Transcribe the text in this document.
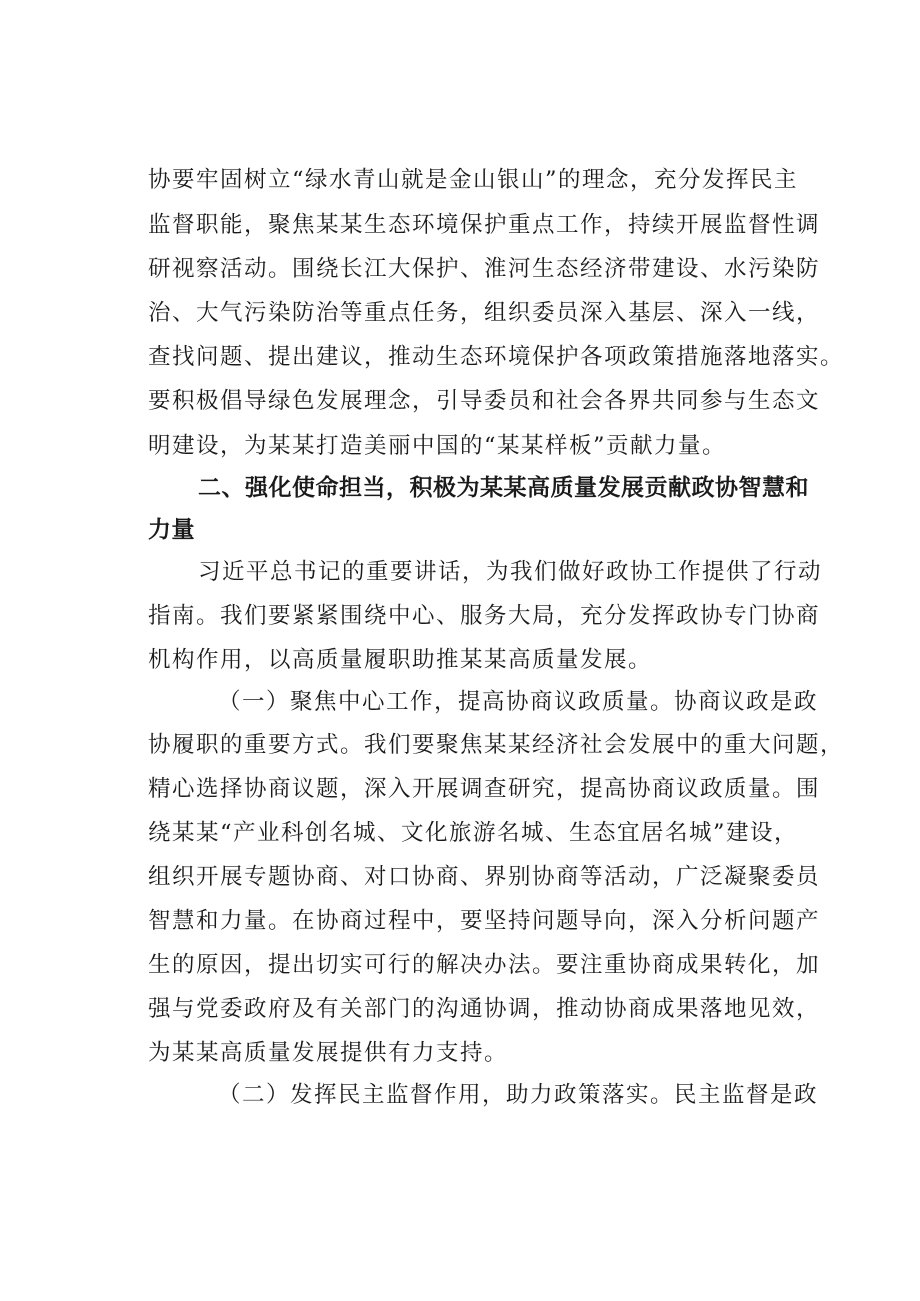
协要牢固树立“绿水青山就是金山银山”的理念，充分发挥民主
监督职能，聚焦某某生态环境保护重点工作，持续开展监督性调
研视察活动。围绕长江大保护、淮河生态经济带建设、水污染防
治、大气污染防治等重点任务，组织委员深入基层、深入一线，
查找问题、提出建议，推动生态环境保护各项政策措施落地落实。
要积极倡导绿色发展理念，引导委员和社会各界共同参与生态文
明建设，为某某打造美丽中国的“某某样板”贡献力量。
二、强化使命担当，积极为某某高质量发展贡献政协智慧和
力量
习近平总书记的重要讲话，为我们做好政协工作提供了行动
指南。我们要紧紧围绕中心、服务大局，充分发挥政协专门协商
机构作用，以高质量履职助推某某高质量发展。
（一）聚焦中心工作，提高协商议政质量。协商议政是政
协履职的重要方式。我们要聚焦某某经济社会发展中的重大问题，
精心选择协商议题，深入开展调查研究，提高协商议政质量。围
绕某某“产业科创名城、文化旅游名城、生态宜居名城”建设，
组织开展专题协商、对口协商、界别协商等活动，广泛凝聚委员
智慧和力量。在协商过程中，要坚持问题导向，深入分析问题产
生的原因，提出切实可行的解决办法。要注重协商成果转化，加
强与党委政府及有关部门的沟通协调，推动协商成果落地见效，
为某某高质量发展提供有力支持。
（二）发挥民主监督作用，助力政策落实。民主监督是政
